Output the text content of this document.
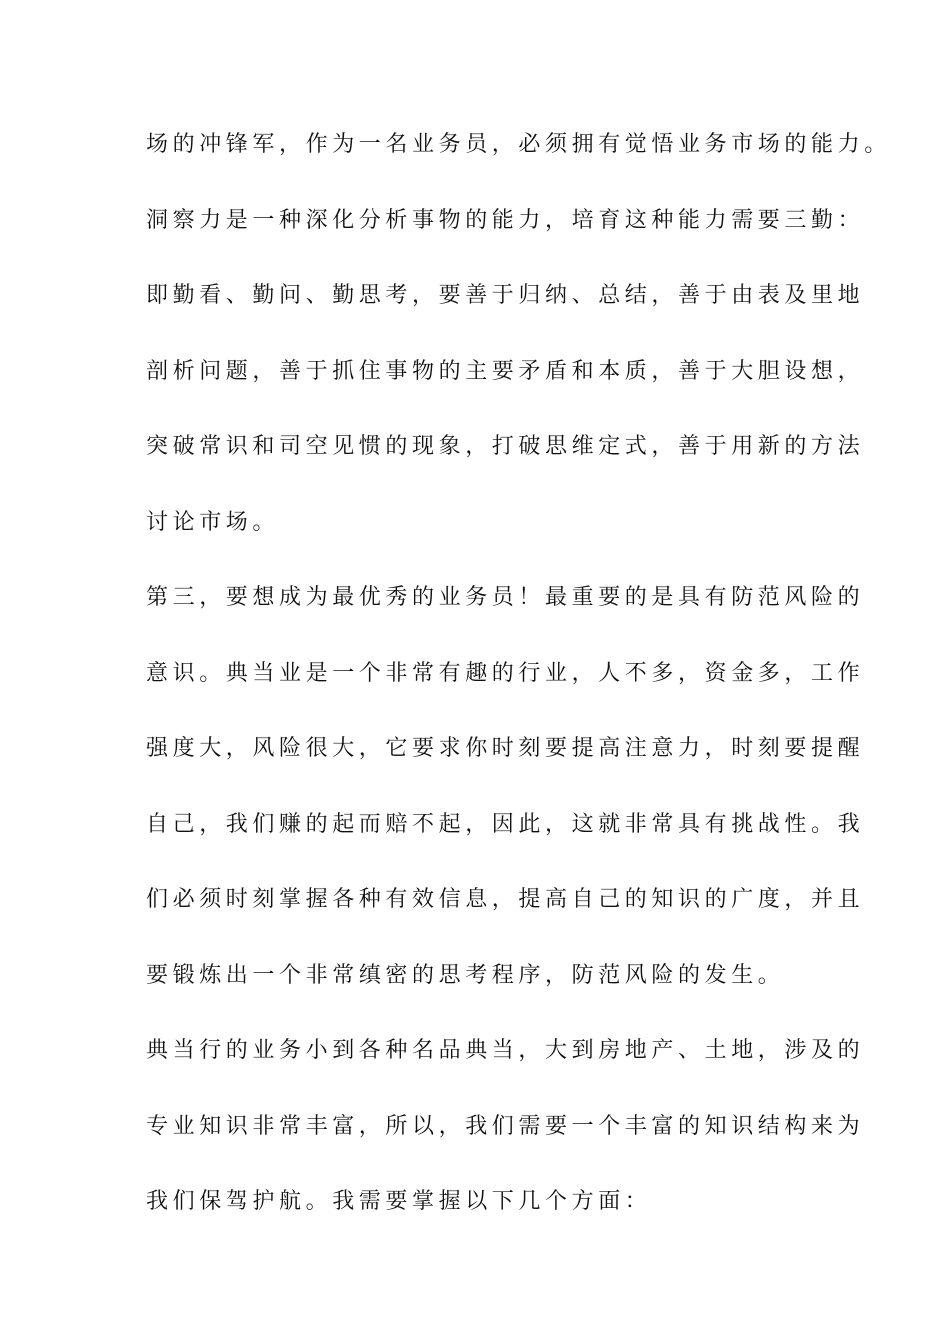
场的冲锋军，作为一名业务员，必须拥有觉悟业务市场的能力。
洞察力是一种深化分析事物的能力，培育这种能力需要三勤：
即勤看、勤问、勤思考，要善于归纳、总结，善于由表及里地
剖析问题，善于抓住事物的主要矛盾和本质，善于大胆设想，
突破常识和司空见惯的现象，打破思维定式，善于用新的方法
讨论市场。
第三，要想成为最优秀的业务员！最重要的是具有防范风险的
意识。典当业是一个非常有趣的行业，人不多，资金多，工作
强度大，风险很大，它要求你时刻要提高注意力，时刻要提醒
自己，我们赚的起而赔不起，因此，这就非常具有挑战性。我
们必须时刻掌握各种有效信息，提高自己的知识的广度，并且
要锻炼出一个非常缜密的思考程序，防范风险的发生。
典当行的业务小到各种名品典当，大到房地产、土地，涉及的
专业知识非常丰富，所以，我们需要一个丰富的知识结构来为
我们保驾护航。我需要掌握以下几个方面：
